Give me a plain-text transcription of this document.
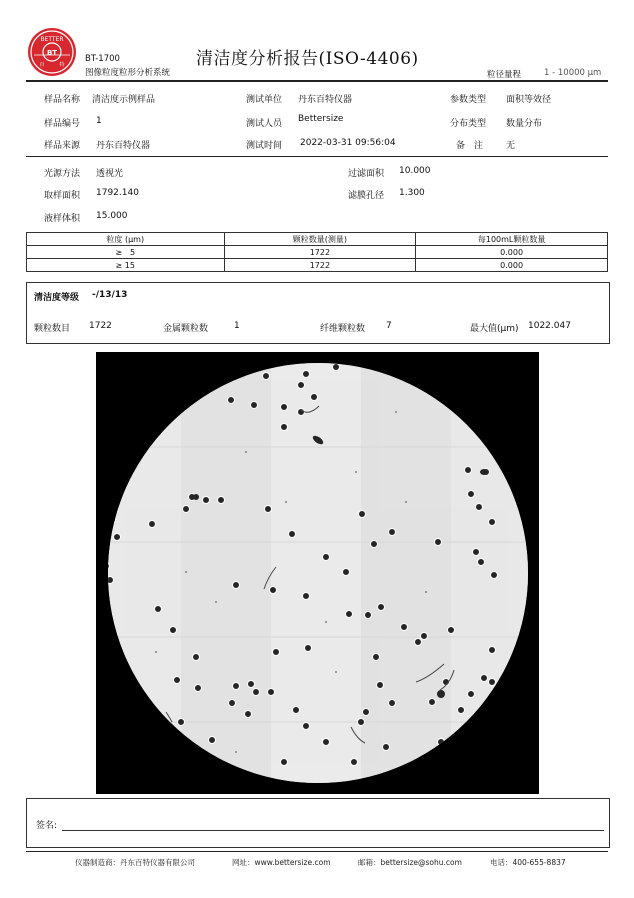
BETTER
BT
百	特
BT-1700
图像粒度粒形分析系统
清洁度分析报告(ISO-4406)
粒径量程	1 - 10000 μm
样品名称 清洁度示例样品	测试单位 丹东百特仪器	参数类型 面积等效径
样品编号 1	测试人员 Bettersize	分布类型 数量分布
样品来源 丹东百特仪器	测试时间 2022-03-31 09:56:04	备　注	无
光源方法 透视光	过滤面积 10.000
取样面积 1792.140	滤膜孔径 1.300
液样体积 15.000
粒度 (μm)	颗粒数量(测量)	每100mL颗粒数量
≥　5	1722	0.000
≥ 15	1722	0.000
清洁度等级 -/13/13
颗粒数目 1722	金属颗粒数	1	纤维颗粒数 7	最大值(μm) 1022.047
签名:
仪器制造商：丹东百特仪器有限公司	网址：www.bettersize.com	邮箱：bettersize@sohu.com	电话：400-655-8837
